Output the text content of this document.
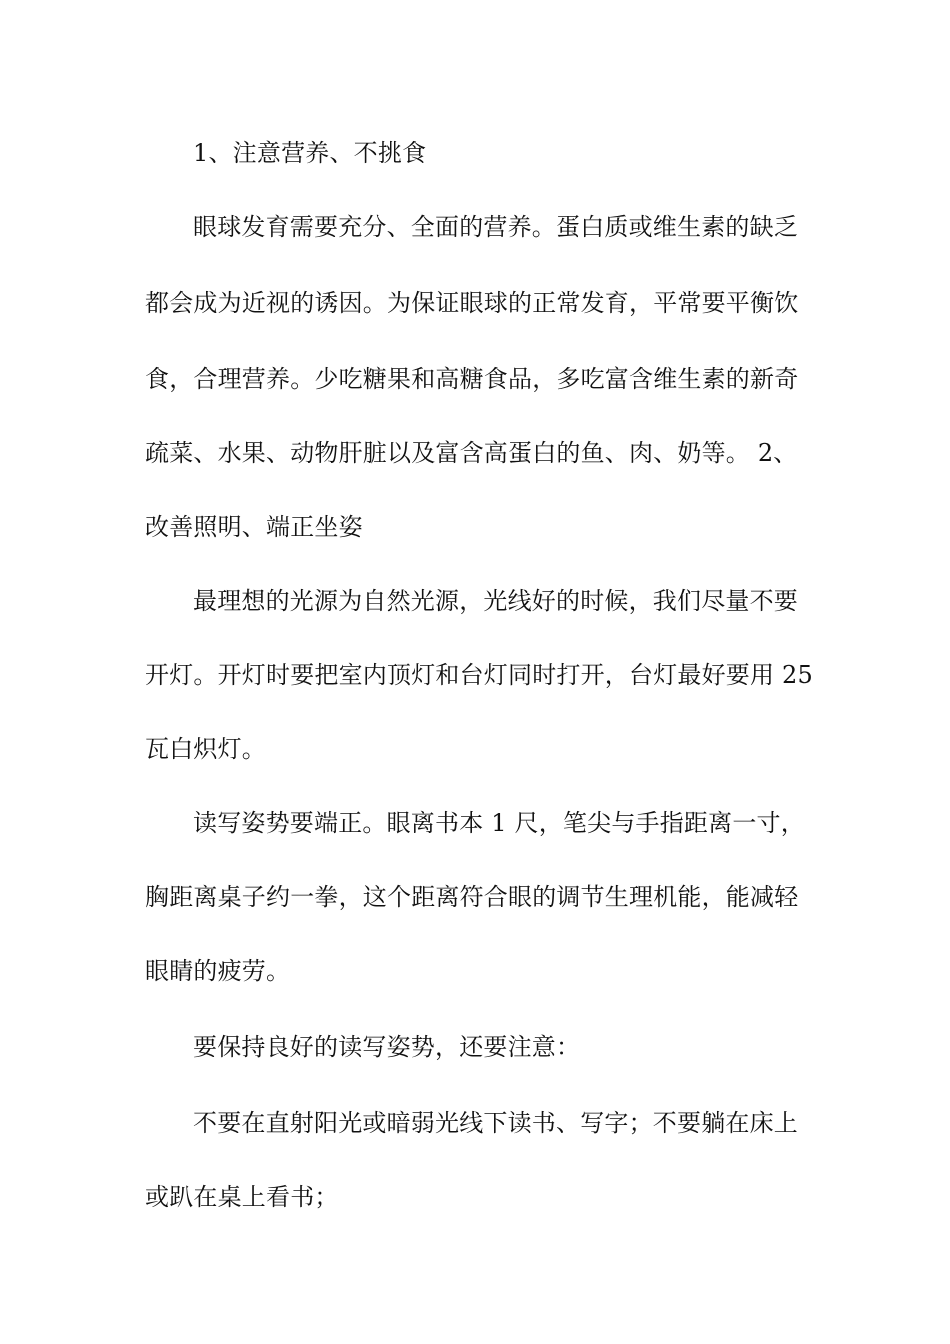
1、注意营养、不挑食
眼球发育需要充分、全面的营养。蛋白质或维生素的缺乏
都会成为近视的诱因。为保证眼球的正常发育，平常要平衡饮
食，合理营养。少吃糖果和高糖食品，多吃富含维生素的新奇
疏菜、水果、动物肝脏以及富含高蛋白的鱼、肉、奶等。 2、
改善照明、端正坐姿
最理想的光源为自然光源，光线好的时候，我们尽量不要
开灯。开灯时要把室内顶灯和台灯同时打开，台灯最好要用 25
瓦白炽灯。
读写姿势要端正。眼离书本 1 尺，笔尖与手指距离一寸，
胸距离桌子约一拳，这个距离符合眼的调节生理机能，能减轻
眼睛的疲劳。
要保持良好的读写姿势，还要注意：
不要在直射阳光或暗弱光线下读书、写字；不要躺在床上
或趴在桌上看书；
